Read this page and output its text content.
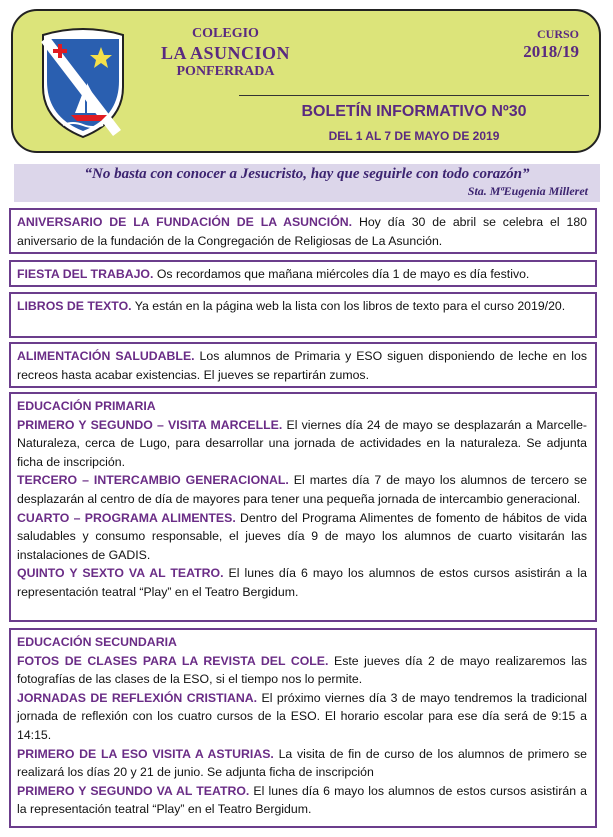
COLEGIO
LA ASUNCION
PONFERRADA
CURSO
2018/19
BOLETÍN INFORMATIVO Nº30
DEL 1 AL 7 DE MAYO DE 2019
“No basta con conocer a Jesucristo, hay que seguirle con todo corazón”
Sta. MªEugenia Milleret

ANIVERSARIO DE LA FUNDACIÓN DE LA ASUNCIÓN. Hoy día 30 de abril se celebra el 180 aniversario de la fundación de la Congregación de Religiosas de La Asunción.

FIESTA DEL TRABAJO. Os recordamos que mañana miércoles día 1 de mayo es día festivo.

LIBROS DE TEXTO. Ya están en la página web la lista con los libros de texto para el curso 2019/20.

ALIMENTACIÓN SALUDABLE. Los alumnos de Primaria y ESO siguen disponiendo de leche en los recreos hasta acabar existencias. El jueves se repartirán zumos.

EDUCACIÓN PRIMARIA

PRIMERO Y SEGUNDO – VISITA MARCELLE. El viernes día 24 de mayo se desplazarán a Marcelle-Naturaleza, cerca de Lugo, para desarrollar una jornada de actividades en la naturaleza. Se adjunta ficha de inscripción.

TERCERO – INTERCAMBIO GENERACIONAL. El martes día 7 de mayo los alumnos de tercero se desplazarán al centro de día de mayores para tener una pequeña jornada de intercambio generacional.

CUARTO – PROGRAMA ALIMENTES. Dentro del Programa Alimentes de fomento de hábitos de vida saludables y consumo responsable, el jueves día 9 de mayo los alumnos de cuarto visitarán las instalaciones de GADIS.

QUINTO Y SEXTO VA AL TEATRO. El lunes día 6 mayo los alumnos de estos cursos asistirán a la representación teatral “Play” en el Teatro Bergidum.

EDUCACIÓN SECUNDARIA

FOTOS DE CLASES PARA LA REVISTA DEL COLE. Este jueves día 2 de mayo realizaremos las fotografías de las clases de la ESO, si el tiempo nos lo permite.

JORNADAS DE REFLEXIÓN CRISTIANA. El próximo viernes día 3 de mayo tendremos la tradicional jornada de reflexión con los cuatro cursos de la ESO. El horario escolar para ese día será de 9:15 a 14:15.

PRIMERO DE LA ESO VISITA A ASTURIAS. La visita de fin de curso de los alumnos de primero se realizará los días 20 y 21 de junio. Se adjunta ficha de inscripción

PRIMERO Y SEGUNDO VA AL TEATRO. El lunes día 6 mayo los alumnos de estos cursos asistirán a la representación teatral “Play” en el Teatro Bergidum.
